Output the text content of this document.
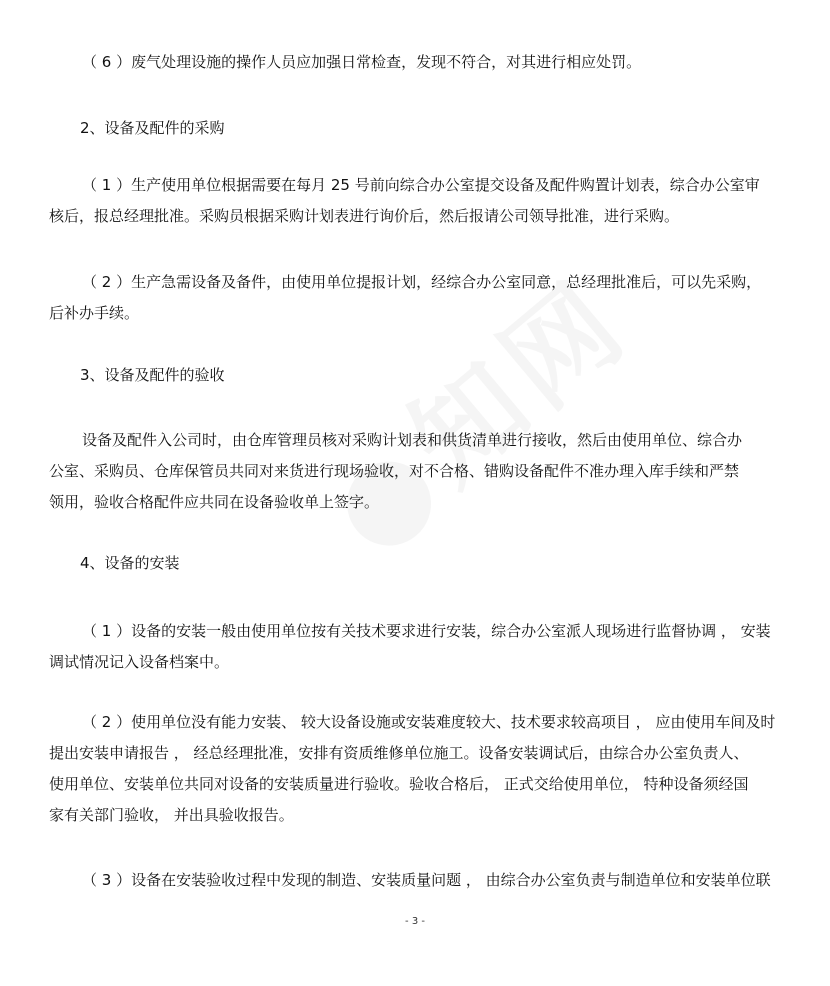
（ 6 ）废气处理设施的操作人员应加强日常检查，发现不符合，对其进行相应处罚。

2、设备及配件的采购

（ 1 ）生产使用单位根据需要在每月 25 号前向综合办公室提交设备及配件购置计划表，综合办公室审
核后，报总经理批准。采购员根据采购计划表进行询价后，然后报请公司领导批准，进行采购。

（ 2 ）生产急需设备及备件，由使用单位提报计划，经综合办公室同意，总经理批准后，可以先采购，
后补办手续。

3、设备及配件的验收

设备及配件入公司时，由仓库管理员核对采购计划表和供货清单进行接收，然后由使用单位、综合办
公室、采购员、仓库保管员共同对来货进行现场验收，对不合格、错购设备配件不准办理入库手续和严禁
领用，验收合格配件应共同在设备验收单上签字。

4、设备的安装

（ 1 ）设备的安装一般由使用单位按有关技术要求进行安装，综合办公室派人现场进行监督协调 ， 安装
调试情况记入设备档案中。

（ 2 ）使用单位没有能力安装、 较大设备设施或安装难度较大、技术要求较高项目 ， 应由使用车间及时
提出安装申请报告 ， 经总经理批准，安排有资质维修单位施工。设备安装调试后，由综合办公室负责人、
使用单位、安装单位共同对设备的安装质量进行验收。验收合格后， 正式交给使用单位， 特种设备须经国
家有关部门验收， 并出具验收报告。

（ 3 ）设备在安装验收过程中发现的制造、安装质量问题 ， 由综合办公室负责与制造单位和安装单位联

- 3 -
